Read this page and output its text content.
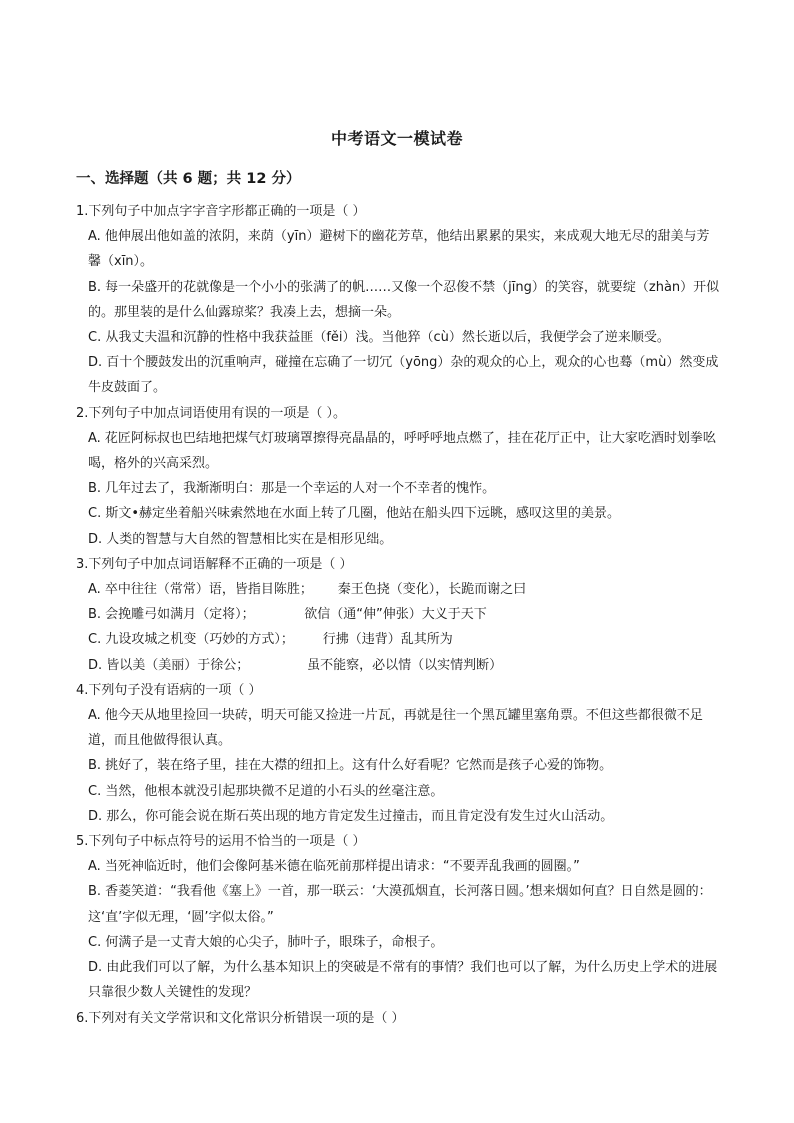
中考语文一模试卷
一、选择题（共 6 题；共 12 分）

1.下列句子中加点字字音字形都正确的一项是（ ）

A. 他伸展出他如盖的浓阴，来荫（yīn）避树下的幽花芳草，他结出累累的果实，来成观大地无尽的甜美与芳馨（xīn）。

B. 每一朵盛开的花就像是一个小小的张满了的帆……又像一个忍俊不禁（jīng）的笑容，就要绽（zhàn）开似的。那里装的是什么仙露琼桨？我凑上去，想摘一朵。

C. 从我丈夫温和沉静的性格中我获益匪（fěi）浅。当他猝（cù）然长逝以后，我便学会了逆来顺受。

D. 百十个腰鼓发出的沉重响声，碰撞在忘确了一切冗（yōng）杂的观众的心上，观众的心也蓦（mù）然变成牛皮鼓面了。

2.下列句子中加点词语使用有误的一项是（ ）。

A. 花匠阿标叔也巴结地把煤气灯玻璃罩擦得亮晶晶的，呼呼呼地点燃了，挂在花厅正中，让大家吃酒时划拳吆喝，格外的兴高采烈。

B. 几年过去了，我渐渐明白：那是一个幸运的人对一个不幸者的愧怍。

C. 斯文•赫定坐着船兴味索然地在水面上转了几圈，他站在船头四下远眺，感叹这里的美景。

D. 人类的智慧与大自然的智慧相比实在是相形见绌。

3.下列句子中加点词语解释不正确的一项是（ ）

A. 卒中往往（常常）语，皆指目陈胜；      秦王色挠（变化），长跪而谢之曰

B. 会挽雕弓如满月（定将）；            欲信（通“伸”伸张）大义于天下

C. 九设攻城之机变（巧妙的方式）；       行拂（违背）乱其所为

D. 皆以美（美丽）于徐公；              虽不能察，必以情（以实情判断）

4.下列句子没有语病的一项（ ）

A. 他今天从地里捡回一块砖，明天可能又捡进一片瓦，再就是往一个黑瓦罐里塞角票。不但这些都很微不足道，而且他做得很认真。

B. 挑好了，装在络子里，挂在大襟的纽扣上。这有什么好看呢？它然而是孩子心爱的饰物。

C. 当然，他根本就没引起那块微不足道的小石头的丝毫注意。

D. 那么，你可能会说在斯石英出现的地方肯定发生过撞击，而且肯定没有发生过火山活动。

5.下列句子中标点符号的运用不恰当的一项是（ ）

A. 当死神临近时，他们会像阿基米德在临死前那样提出请求：“不要弄乱我画的圆圈。”

B. 香菱笑道：“我看他《塞上》一首，那一联云：‘大漠孤烟直，长河落日圆。’想来烟如何直？日自然是圆的：这‘直’字似无理，‘圆’字似太俗。”

C. 何满子是一丈青大娘的心尖子，肺叶子，眼珠子，命根子。

D. 由此我们可以了解，为什么基本知识上的突破是不常有的事情？我们也可以了解，为什么历史上学术的进展只靠很少数人关键性的发现？

6.下列对有关文学常识和文化常识分析错误一项的是（ ）
